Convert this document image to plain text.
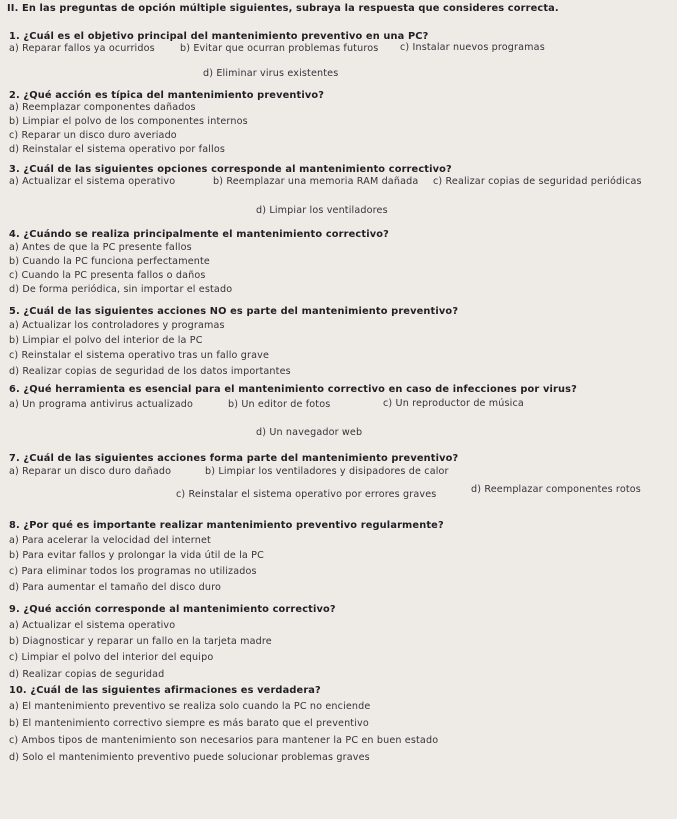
II. En las preguntas de opción múltiple siguientes, subraya la respuesta que consideres correcta.
1. ¿Cuál es el objetivo principal del mantenimiento preventivo en una PC?
a) Reparar fallos ya ocurridos	b) Evitar que ocurran problemas futuros c) Instalar nuevos programas
d) Eliminar virus existentes
2. ¿Qué acción es típica del mantenimiento preventivo?
a) Reemplazar componentes dañados
b) Limpiar el polvo de los componentes internos
c) Reparar un disco duro averiado
d) Reinstalar el sistema operativo por fallos
3. ¿Cuál de las siguientes opciones corresponde al mantenimiento correctivo?
a) Actualizar el sistema operativo	b) Reemplazar una memoria RAM dañada c) Realizar copias de seguridad periódicas
d) Limpiar los ventiladores
4. ¿Cuándo se realiza principalmente el mantenimiento correctivo?
a) Antes de que la PC presente fallos
b) Cuando la PC funciona perfectamente
c) Cuando la PC presenta fallos o daños
d) De forma periódica, sin importar el estado
5. ¿Cuál de las siguientes acciones NO es parte del mantenimiento preventivo?
a) Actualizar los controladores y programas
b) Limpiar el polvo del interior de la PC
c) Reinstalar el sistema operativo tras un fallo grave
d) Realizar copias de seguridad de los datos importantes
6. ¿Qué herramienta es esencial para el mantenimiento correctivo en caso de infecciones por virus?
a) Un programa antivirus actualizado	b) Un editor de fotos	c) Un reproductor de música
d) Un navegador web
7. ¿Cuál de las siguientes acciones forma parte del mantenimiento preventivo?
a) Reparar un disco duro dañado	b) Limpiar los ventiladores y disipadores de calor
c) Reinstalar el sistema operativo por errores graves	d) Reemplazar componentes rotos
8. ¿Por qué es importante realizar mantenimiento preventivo regularmente?
a) Para acelerar la velocidad del internet
b) Para evitar fallos y prolongar la vida útil de la PC
c) Para eliminar todos los programas no utilizados
d) Para aumentar el tamaño del disco duro
9. ¿Qué acción corresponde al mantenimiento correctivo?
a) Actualizar el sistema operativo
b) Diagnosticar y reparar un fallo en la tarjeta madre
c) Limpiar el polvo del interior del equipo
d) Realizar copias de seguridad
10. ¿Cuál de las siguientes afirmaciones es verdadera?
a) El mantenimiento preventivo se realiza solo cuando la PC no enciende
b) El mantenimiento correctivo siempre es más barato que el preventivo
c) Ambos tipos de mantenimiento son necesarios para mantener la PC en buen estado
d) Solo el mantenimiento preventivo puede solucionar problemas graves
